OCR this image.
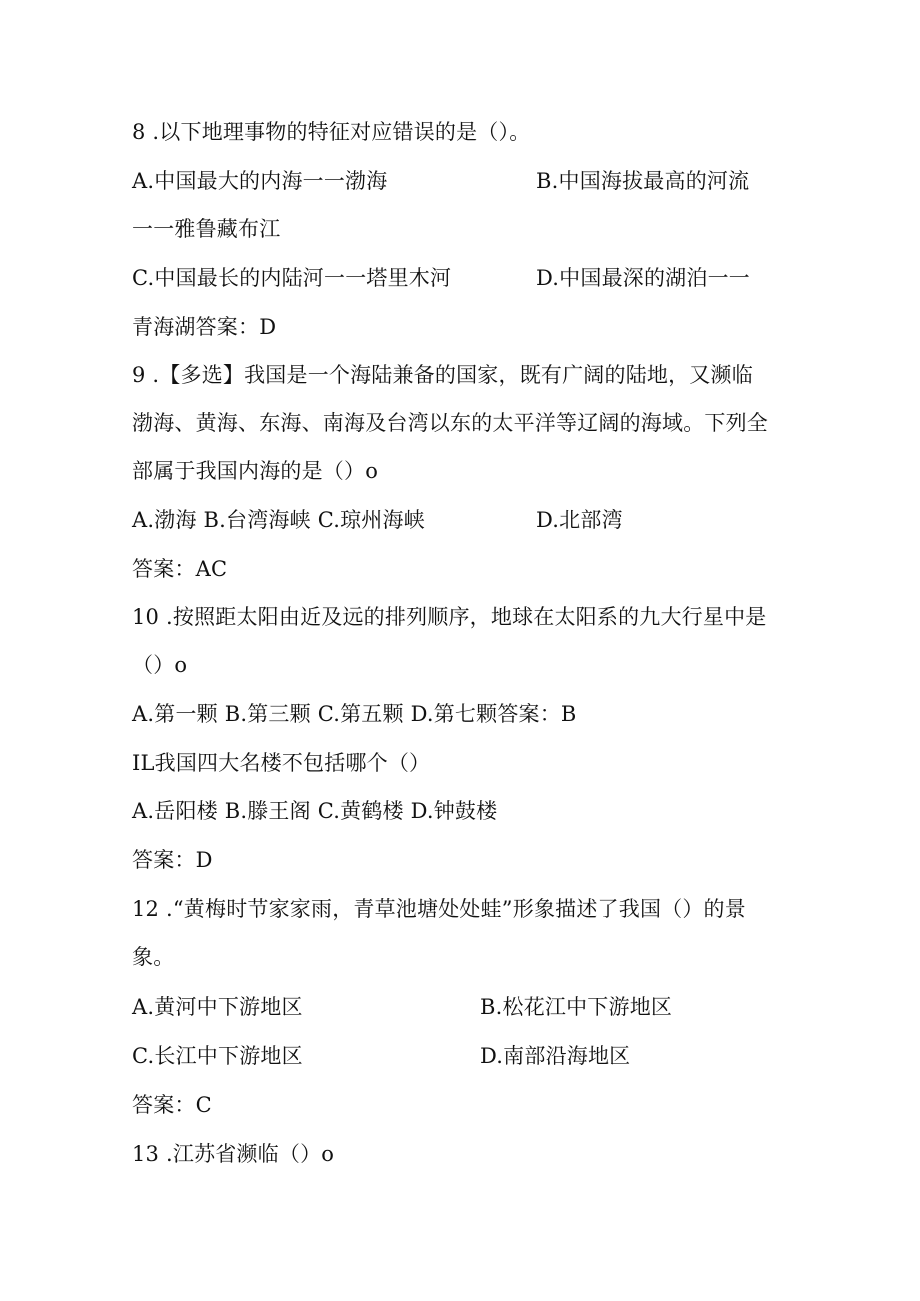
8 .以下地理事物的特征对应错误的是（）。
A.中国最大的内海一一渤海	B.中国海拔最高的河流
一一雅鲁藏布江
C.中国最长的内陆河一一塔里木河	D.中国最深的湖泊一一
青海湖答案：D
9 .【多选】我国是一个海陆兼备的国家，既有广阔的陆地，又濒临
渤海、黄海、东海、南海及台湾以东的太平洋等辽阔的海域。下列全
部属于我国内海的是（）o
A.渤海 B.台湾海峡 C.琼州海峡	D.北部湾
答案：AC
10 .按照距太阳由近及远的排列顺序，地球在太阳系的九大行星中是
（）o
A.第一颗 B.第三颗 C.第五颗 D.第七颗答案：B
IL我国四大名楼不包括哪个（）
A.岳阳楼 B.滕王阁 C.黄鹤楼 D.钟鼓楼
答案：D
12 .“黄梅时节家家雨，青草池塘处处蛙”形象描述了我国（）的景
象。
A.黄河中下游地区	B.松花江中下游地区
C.长江中下游地区	D.南部沿海地区
答案：C
13 .江苏省濒临（）o
